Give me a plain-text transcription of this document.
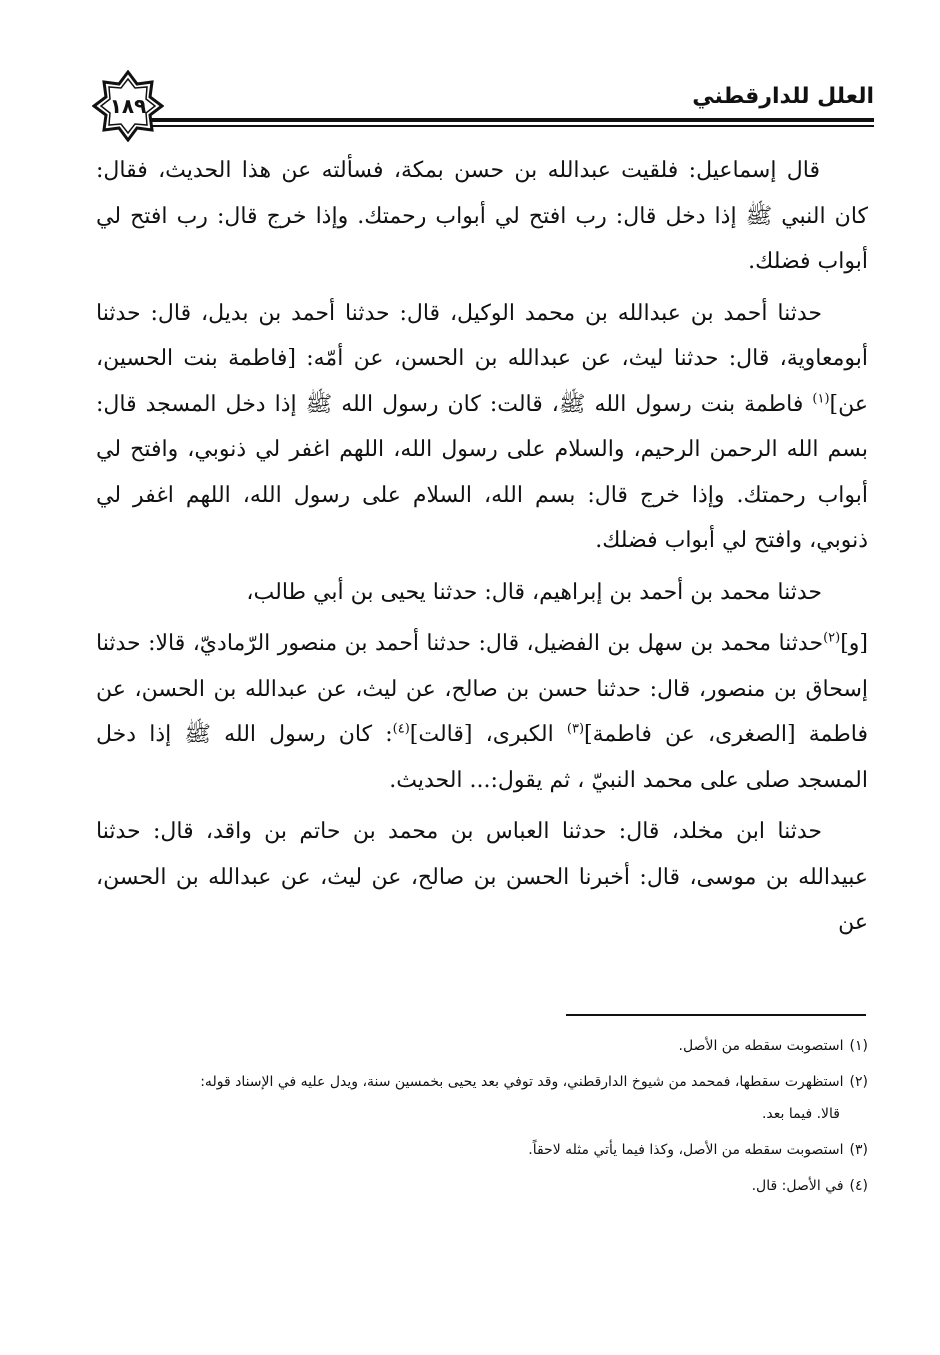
١٨٩	العلل للدارقطني

قال إسماعيل: فلقيت عبدالله بن حسن بمكة، فسألته عن هذا الحديث، فقال: كان النبي ﷺ إذا دخل قال: رب افتح لي أبواب رحمتك. وإذا خرج قال: رب افتح لي أبواب فضلك.

حدثنا أحمد بن عبدالله بن محمد الوكيل، قال: حدثنا أحمد بن بديل، قال: حدثنا أبومعاوية، قال: حدثنا ليث، عن عبدالله بن الحسن، عن أمّه: [فاطمة بنت الحسين، عن]$^{(١)}$ فاطمة بنت رسول الله ﷺ، قالت: كان رسول الله ﷺ إذا دخل المسجد قال: بسم الله الرحمن الرحيم، والسلام على رسول الله، اللهم اغفر لي ذنوبي، وافتح لي أبواب رحمتك. وإذا خرج قال: بسم الله، السلام على رسول الله، اللهم اغفر لي ذنوبي، وافتح لي أبواب فضلك.

حدثنا محمد بن أحمد بن إبراهيم، قال: حدثنا يحيى بن أبي طالب،

[و]$^{(٢)}$حدثنا محمد بن سهل بن الفضيل، قال: حدثنا أحمد بن منصور الرّماديّ، قالا: حدثنا إسحاق بن منصور، قال: حدثنا حسن بن صالح، عن ليث، عن عبدالله بن الحسن، عن فاطمة [الصغرى، عن فاطمة]$^{(٣)}$ الكبرى، [قالت]$^{(٤)}$: كان رسول الله ﷺ إذا دخل المسجد صلى على محمد النبيّ ، ثم يقول:... الحديث.

حدثنا ابن مخلد، قال: حدثنا العباس بن محمد بن حاتم بن واقد، قال: حدثنا عبيدالله بن موسى، قال: أخبرنا الحسن بن صالح، عن ليث، عن عبدالله بن الحسن، عن

(١)استصوبت سقطه من الأصل.
(٢)استظهرت سقطها، فمحمد من شيوخ الدارقطني، وقد توفي بعد يحيى بخمسين سنة، ويدل عليه في الإسناد قوله:
قالا. فيما بعد.
(٣)استصوبت سقطه من الأصل، وكذا فيما يأتي مثله لاحقاً.
(٤)في الأصل: قال.
